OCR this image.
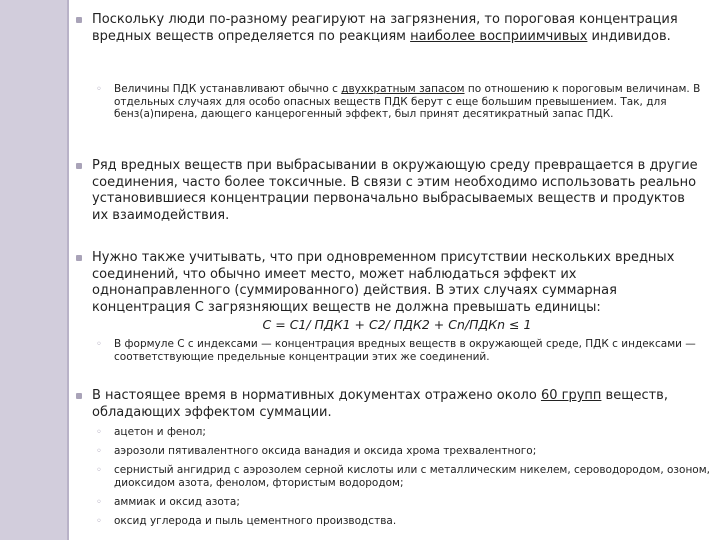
Поскольку люди по-разному реагируют на загрязнения, то пороговая концентрация вредных веществ определяется по реакциям наиболее восприимчивых индивидов.
◦ Величины ПДК устанавливают обычно с двухкратным запасом по отношению к пороговым величинам. В отдельных случаях для особо опасных веществ ПДК берут с еще большим превышением. Так, для бенз(а)пирена, дающего канцерогенный эффект, был принят десятикратный запас ПДК.
Ряд вредных веществ при выбрасывании в окружающую среду превращается в другие соединения, часто более токсичные. В связи с этим необходимо использовать реально установившиеся концентрации первоначально выбрасываемых веществ и продуктов их взаимодействия.
Нужно также учитывать, что при одновременном присутствии нескольких вредных соединений, что обычно имеет место, может наблюдаться эффект их однонаправленного (суммированного) действия. В этих случаях суммарная концентрация С загрязняющих веществ не должна превышать единицы:
С = С1/ ПДК1 + С2/ ПДК2 + Сn/ПДКn ≤ 1
◦ В формуле С с индексами — концентрация вредных веществ в окружающей среде, ПДК с индексами — соответствующие предельные концентрации этих же соединений.
В настоящее время в нормативных документах отражено около 60 групп веществ, обладающих эффектом суммации.
◦ ацетон и фенол;
◦ аэрозоли пятивалентного оксида ванадия и оксида хрома трехвалентного;
◦ сернистый ангидрид с аэрозолем серной кислоты или с металлическим никелем, сероводородом, озоном, диоксидом азота, фенолом, фтористым водородом;
◦ аммиак и оксид азота;
◦ оксид углерода и пыль цементного производства.
